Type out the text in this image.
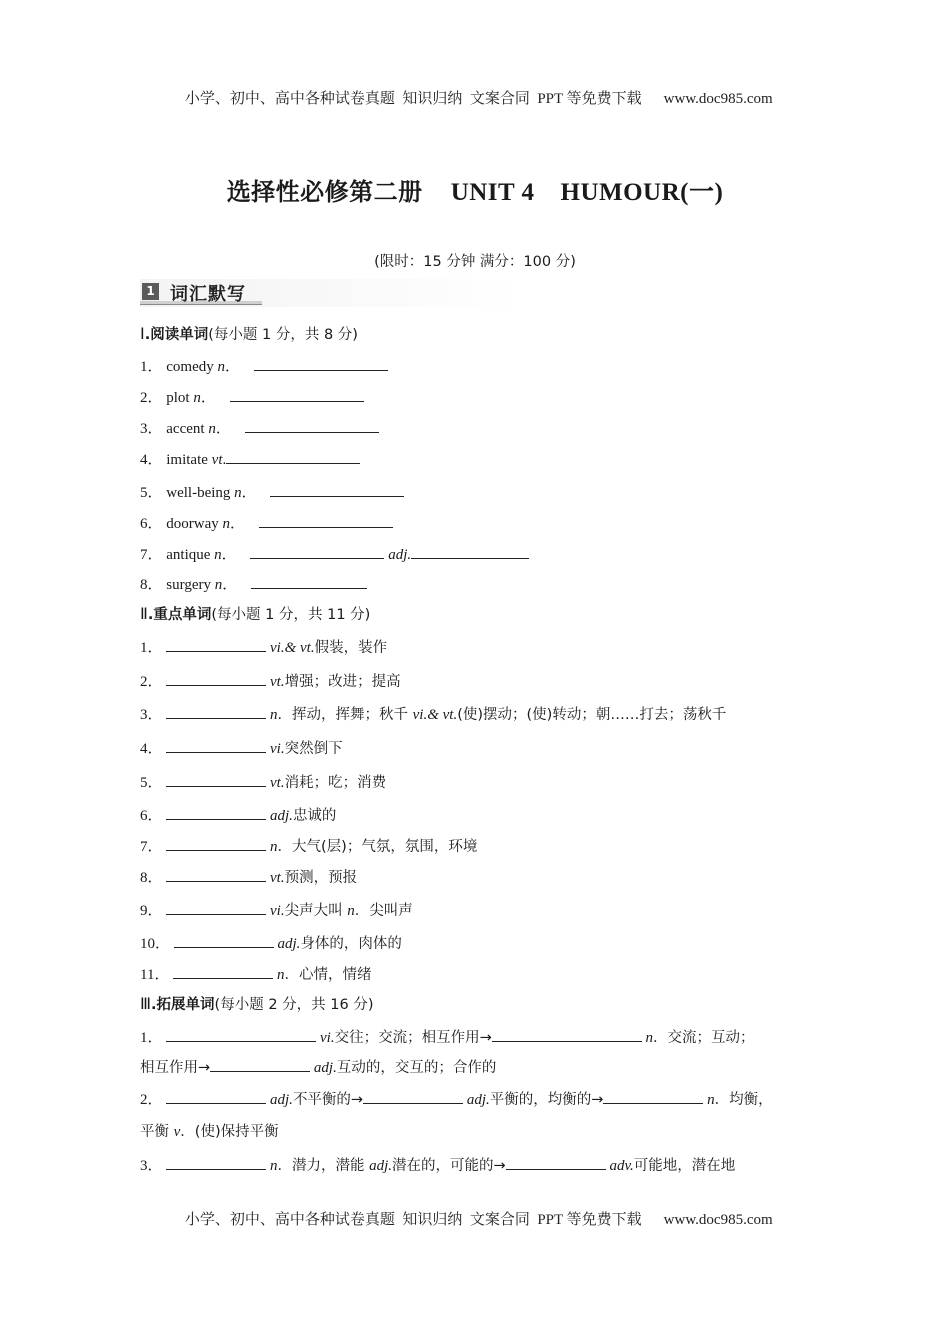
小学、初中、高中各种试卷真题  知识归纳  文案合同  PPT 等免费下载 www.doc985.com

选择性必修第二册 UNIT 4 HUMOUR(一)
(限时：15 分钟 满分：100 分)
1 词汇默写
Ⅰ.阅读单词(每小题 1 分，共 8 分)
1． comedy n．
2． plot n．
3． accent n．
4． imitate vt.
5． well-being n．
6． doorway n．
7． antique n．	adj.
8． surgery n．
Ⅱ.重点单词(每小题 1 分，共 11 分)
1．	vi.& vt.假装，装作
2．	vt.增强；改进；提高
3．	n．挥动，挥舞；秋千 vi.& vt.(使)摆动；(使)转动；朝……打去；荡秋千
4．	vi.突然倒下
5．	vt.消耗；吃；消费
6．	adj.忠诚的
7．	n．大气(层)；气氛，氛围，环境
8．	vt.预测，预报
9．	vi.尖声大叫 n．尖叫声
10．	adj.身体的，肉体的
11．	n．心情，情绪
Ⅲ.拓展单词(每小题 2 分，共 16 分)
1．	vi.交往；交流；相互作用→	n．交流；互动；
相互作用→	adj.互动的，交互的；合作的
2．	adj.不平衡的→	adj.平衡的，均衡的→	n．均衡，
平衡 v．(使)保持平衡
3．	n．潜力，潜能 adj.潜在的，可能的→	adv.可能地，潜在地

小学、初中、高中各种试卷真题  知识归纳  文案合同  PPT 等免费下载 www.doc985.com
